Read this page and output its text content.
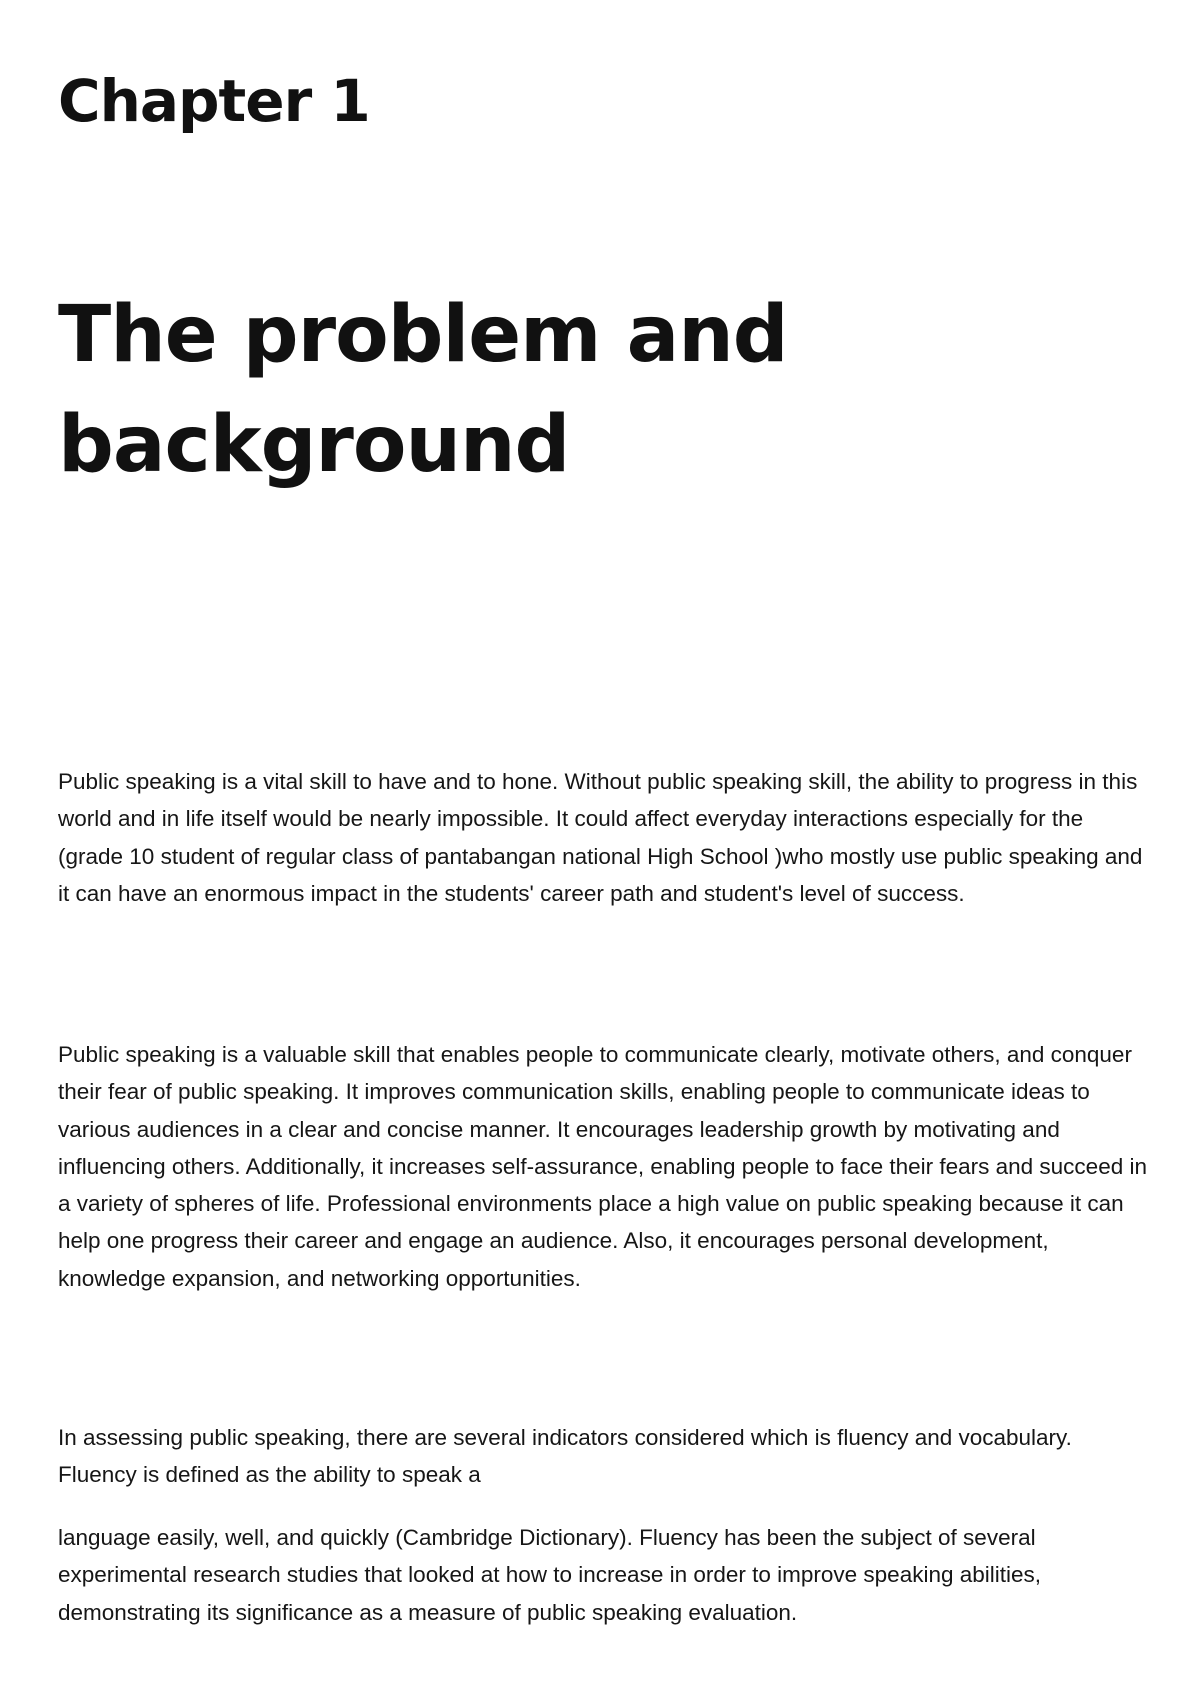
Chapter 1
The problem and background

Public speaking is a vital skill to have and to hone. Without public speaking skill, the ability to progress in this world and in life itself would be nearly impossible. It could affect everyday interactions especially for the (grade 10 student of regular class of pantabangan national High School )who mostly use public speaking and it can have an enormous impact in the students' career path and student's level of success.

Public speaking is a valuable skill that enables people to communicate clearly, motivate others, and conquer their fear of public speaking. It improves communication skills, enabling people to communicate ideas to various audiences in a clear and concise manner. It encourages leadership growth by motivating and influencing others. Additionally, it increases self-assurance, enabling people to face their fears and succeed in a variety of spheres of life. Professional environments place a high value on public speaking because it can help one progress their career and engage an audience. Also, it encourages personal development, knowledge expansion, and networking opportunities.

In assessing public speaking, there are several indicators considered which is fluency and vocabulary. Fluency is defined as the ability to speak a

language easily, well, and quickly (Cambridge Dictionary). Fluency has been the subject of several experimental research studies that looked at how to increase in order to improve speaking abilities, demonstrating its significance as a measure of public speaking evaluation.
